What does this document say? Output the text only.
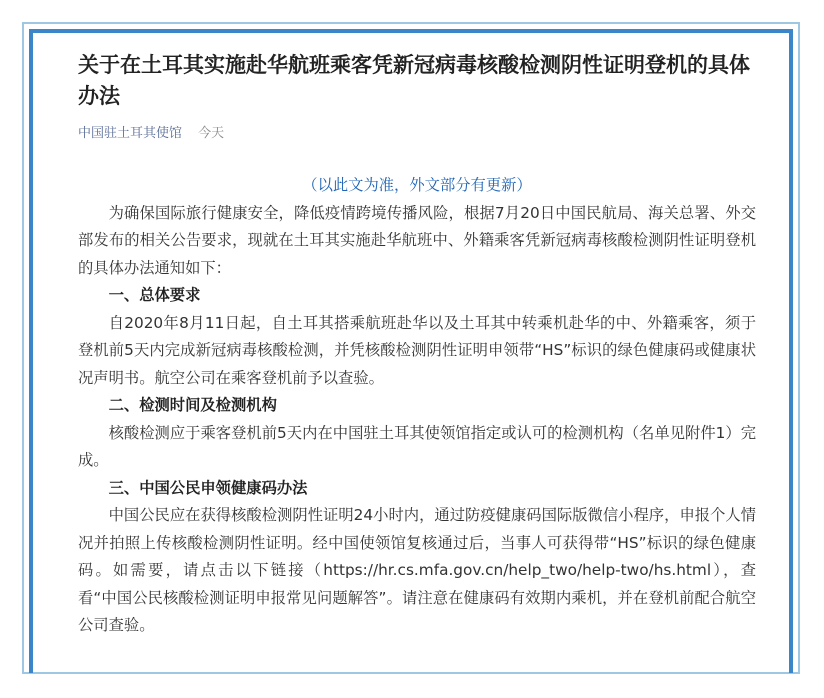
关于在土耳其实施赴华航班乘客凭新冠病毒核酸检测阴性证明登机的具体办法
中国驻土耳其使馆 今天
（以此文为准，外文部分有更新）

为确保国际旅行健康安全，降低疫情跨境传播风险，根据7月20日中国民航局、海关总署、外交部发布的相关公告要求，现就在土耳其实施赴华航班中、外籍乘客凭新冠病毒核酸检测阴性证明登机的具体办法通知如下：

一、总体要求

自2020年8月11日起，自土耳其搭乘航班赴华以及土耳其中转乘机赴华的中、外籍乘客，须于登机前5天内完成新冠病毒核酸检测，并凭核酸检测阴性证明申领带“HS”标识的绿色健康码或健康状况声明书。航空公司在乘客登机前予以查验。

二、检测时间及检测机构

核酸检测应于乘客登机前5天内在中国驻土耳其使领馆指定或认可的检测机构（名单见附件1）完成。

三、中国公民申领健康码办法

中国公民应在获得核酸检测阴性证明24小时内，通过防疫健康码国际版微信小程序，申报个人情况并拍照上传核酸检测阴性证明。经中国使领馆复核通过后，当事人可获得带“HS”标识的绿色健康码。如需要，请点击以下链接（https://hr.cs.mfa.gov.cn/help_two/help-two/hs.html），查看“中国公民核酸检测证明申报常见问题解答”。请注意在健康码有效期内乘机，并在登机前配合航空公司查验。
